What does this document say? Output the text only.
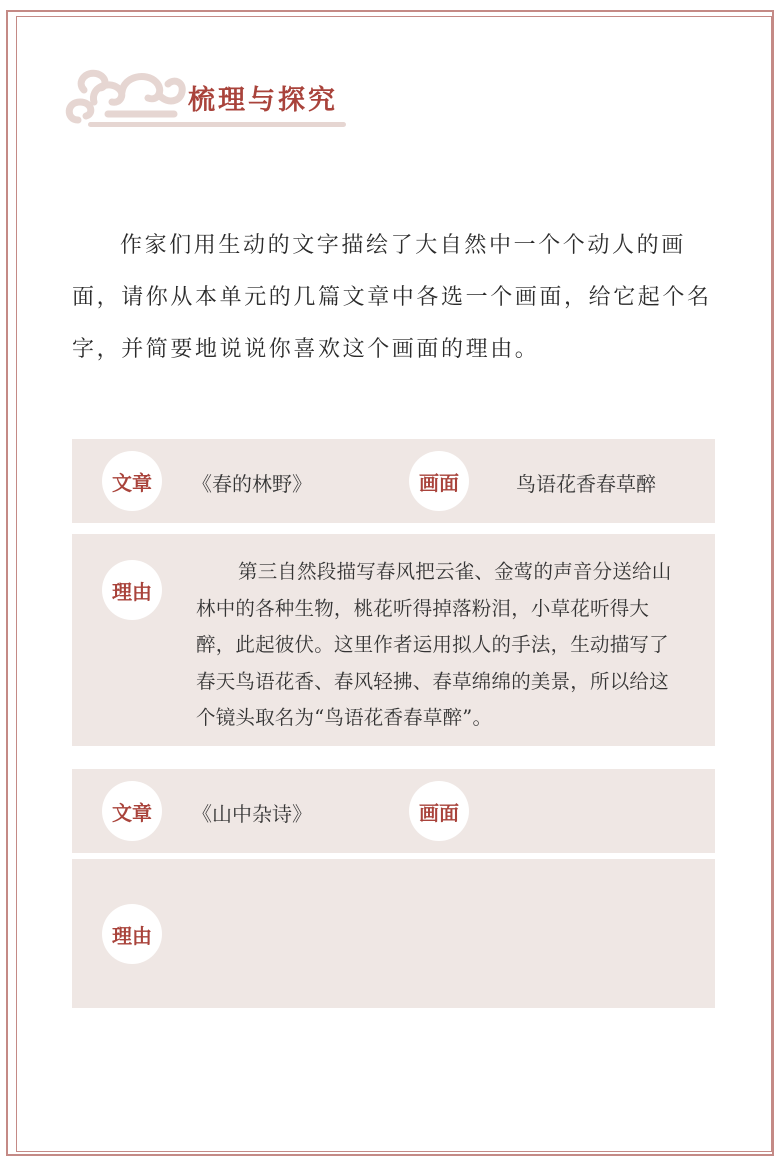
梳理与探究

作家们用生动的文字描绘了大自然中一个个动人的画面，请你从本单元的几篇文章中各选一个画面，给它起个名字，并简要地说说你喜欢这个画面的理由。

文章	《春的林野》	画面	鸟语花香春草醉
理由

第三自然段描写春风把云雀、金莺的声音分送给山林中的各种生物，桃花听得掉落粉泪，小草花听得大醉，此起彼伏。这里作者运用拟人的手法，生动描写了春天鸟语花香、春风轻拂、春草绵绵的美景，所以给这个镜头取名为“鸟语花香春草醉”。

文章	《山中杂诗》	画面
理由
